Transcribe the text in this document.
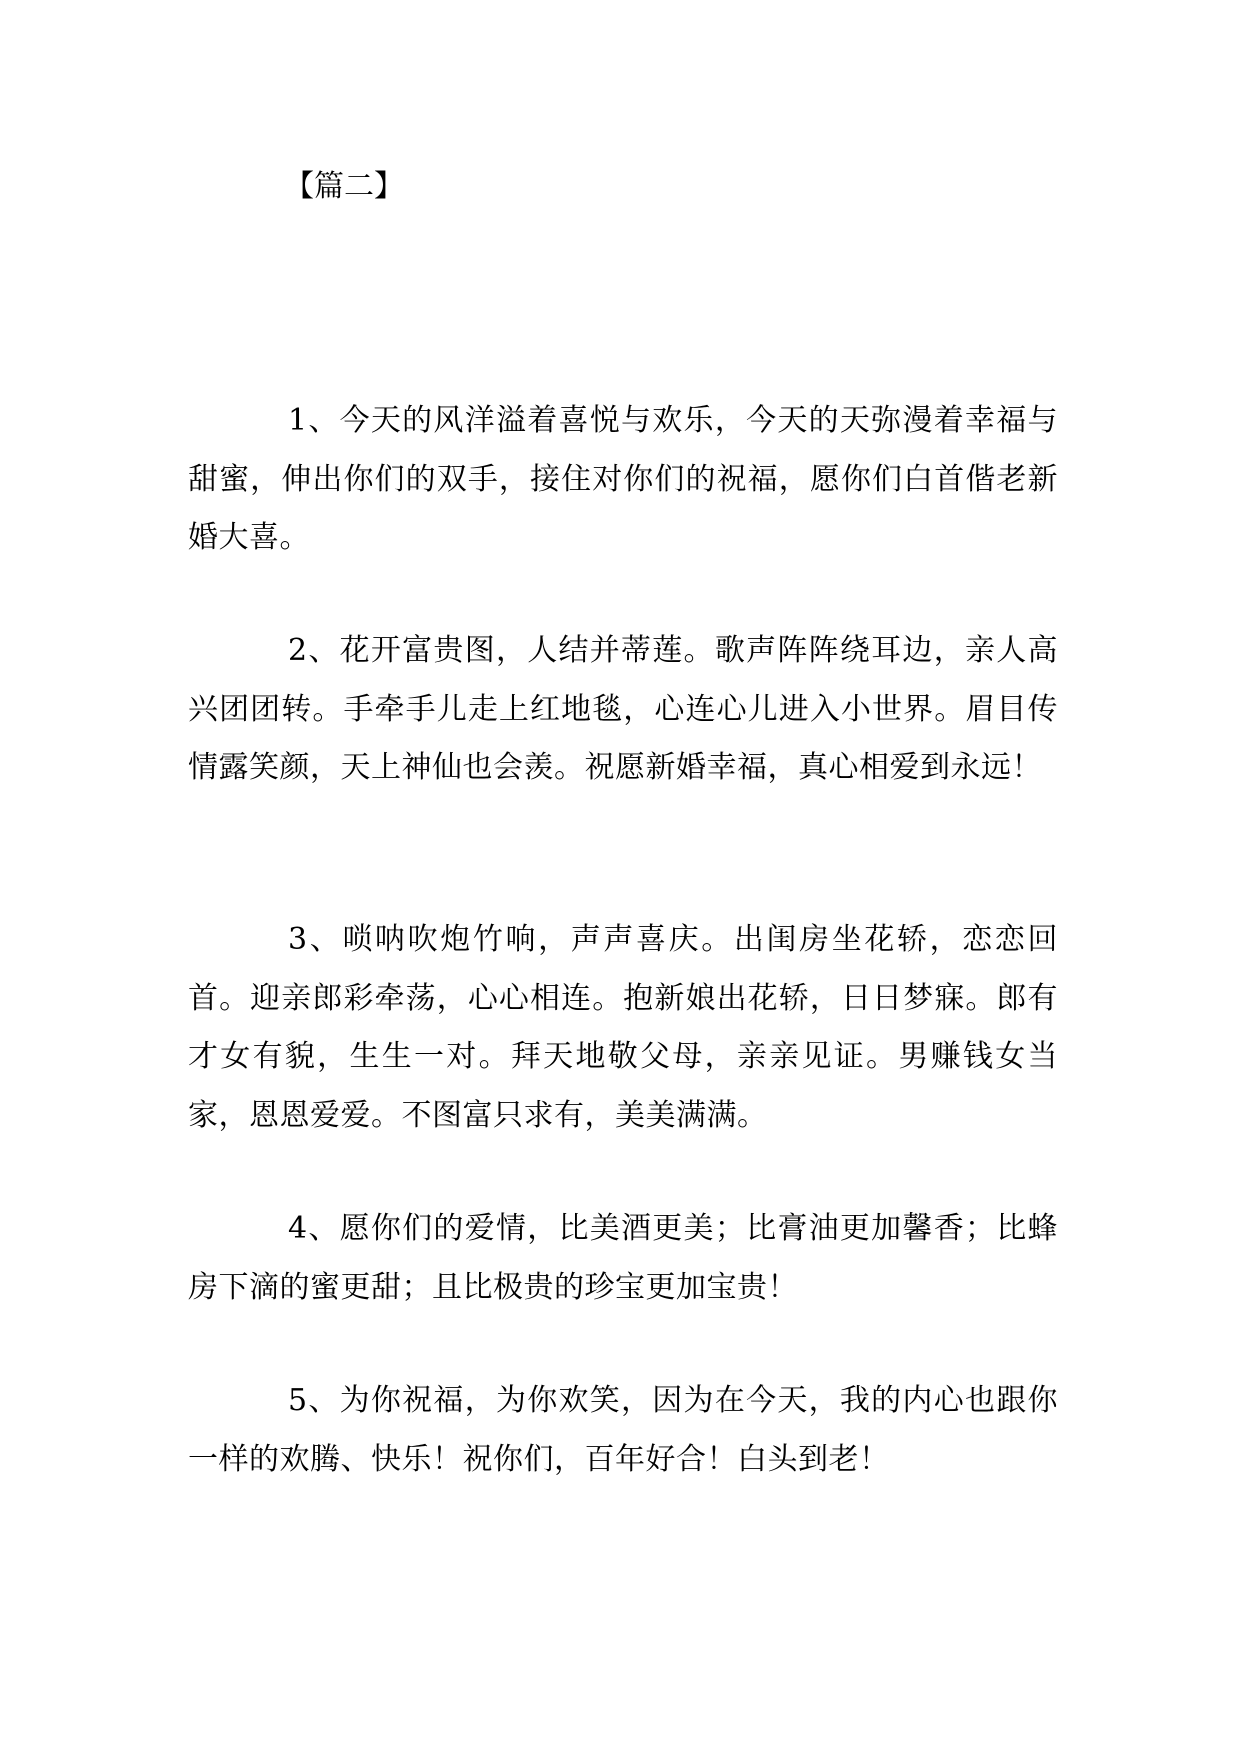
【篇二】

1、今天的风洋溢着喜悦与欢乐，今天的天弥漫着幸福与甜蜜，伸出你们的双手，接住对你们的祝福，愿你们白首偕老新婚大喜。

2、花开富贵图，人结并蒂莲。歌声阵阵绕耳边，亲人高兴团团转。手牵手儿走上红地毯，心连心儿进入小世界。眉目传情露笑颜，天上神仙也会羡。祝愿新婚幸福，真心相爱到永远！

3、唢呐吹炮竹响，声声喜庆。出闺房坐花轿，恋恋回首。迎亲郎彩牵荡，心心相连。抱新娘出花轿，日日梦寐。郎有才女有貌，生生一对。拜天地敬父母，亲亲见证。男赚钱女当家，恩恩爱爱。不图富只求有，美美满满。

4、愿你们的爱情，比美酒更美；比膏油更加馨香；比蜂房下滴的蜜更甜；且比极贵的珍宝更加宝贵！

5、为你祝福，为你欢笑，因为在今天，我的内心也跟你一样的欢腾、快乐！祝你们，百年好合！白头到老！
